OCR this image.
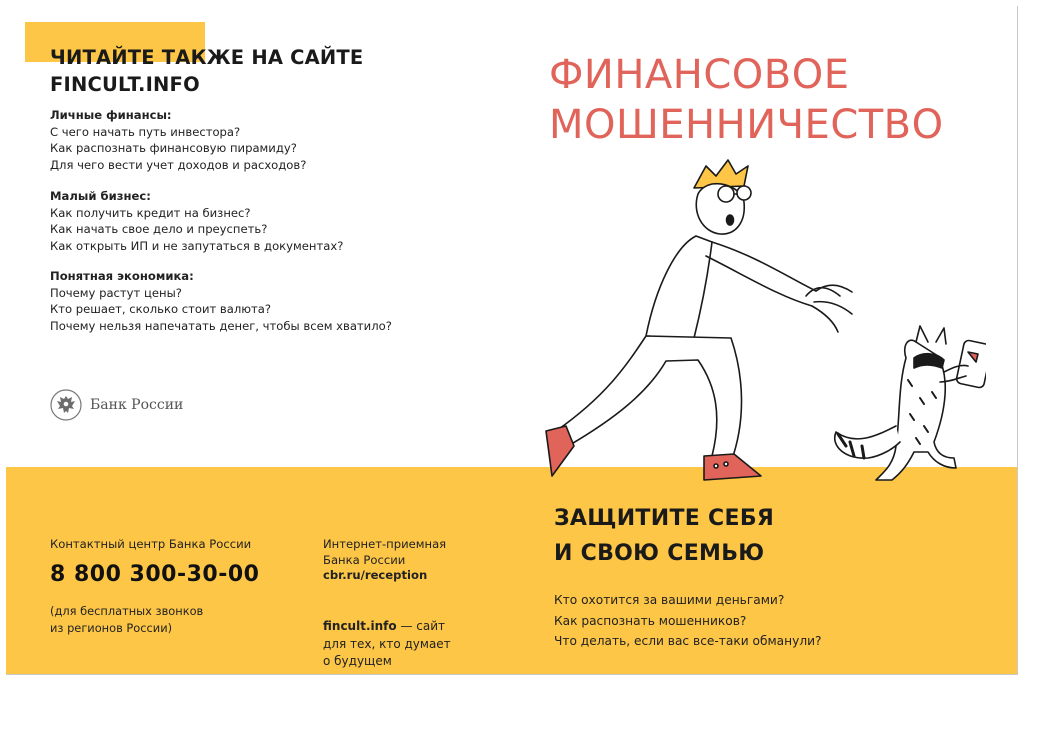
ЧИТАЙТЕ ТАКЖЕ НА САЙТЕ
FINCULT.INFO
Личные финансы:
С чего начать путь инвестора?
Как распознать финансовую пирамиду?
Для чего вести учет доходов и расходов?
Малый бизнес:
Как получить кредит на бизнес?
Как начать свое дело и преуспеть?
Как открыть ИП и не запутаться в документах?
Понятная экономика:
Почему растут цены?
Кто решает, сколько стоит валюта?
Почему нельзя напечатать денег, чтобы всем хватило?
Банк России
ФИНАНСОВОЕ
МОШЕННИЧЕСТВО
ЗАЩИТИТЕ СЕБЯ
И СВОЮ СЕМЬЮ
Кто охотится за вашими деньгами?
Как распознать мошенников?
Что делать, если вас все-таки обманули?
Контактный центр Банка России
8 800 300-30-00
(для бесплатных звонков
из регионов России)
Интернет-приемная
Банка России
cbr.ru/reception
fincult.info — сайт
для тех, кто думает
о будущем
